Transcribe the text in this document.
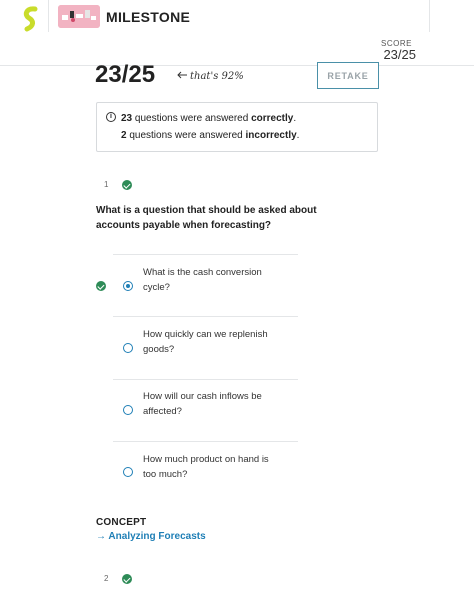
MILESTONE
SCORE
23/25
23/25	that's 92%	RETAKE
i 23 questions were answered correctly.
2 questions were answered incorrectly.
1
What is a question that should be asked about accounts payable when forecasting?
What is the cash conversion cycle?
How quickly can we replenish goods?
How will our cash inflows be affected?
How much product on hand is too much?
CONCEPT
→ Analyzing Forecasts
2
